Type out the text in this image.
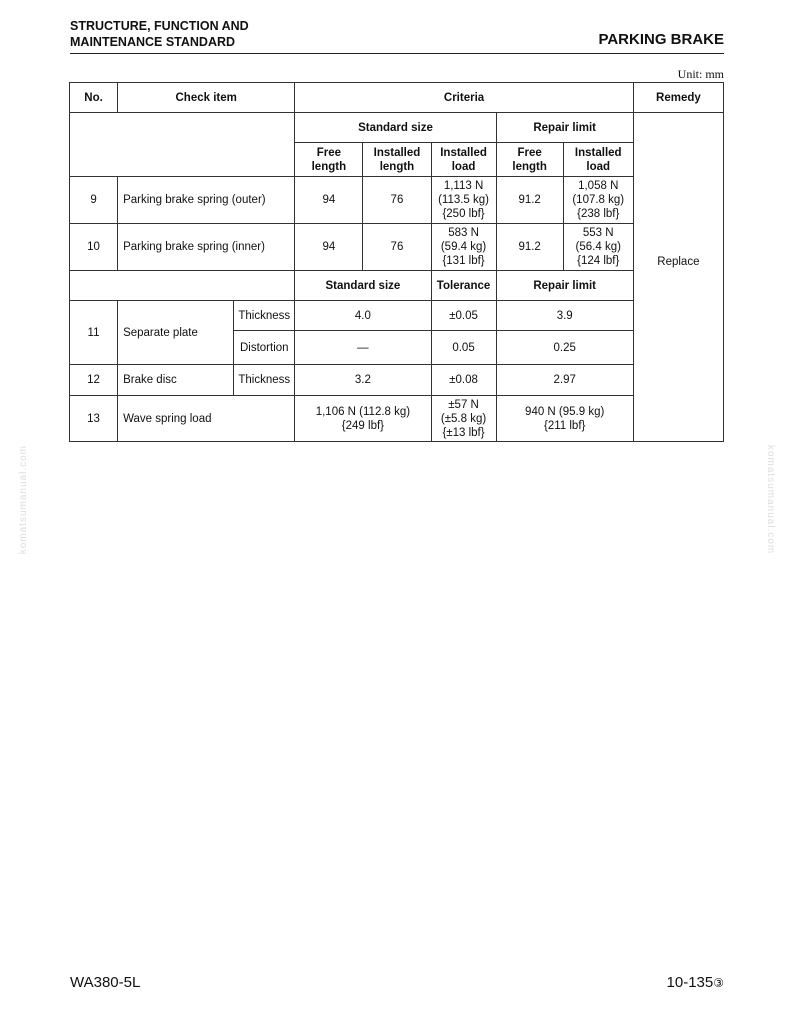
STRUCTURE, FUNCTION AND
MAINTENANCE STANDARD	PARKING BRAKE
Unit: mm
No.	Check item		Criteria					Remedy
			Standard size			Repair limit		Replace
			Free
length	Installed
length	Installed
load	Free
length	Installed
load	
9	Parking brake spring (outer)		94	76	1,113 N
(113.5 kg)
{250 lbf}	91.2	1,058 N
(107.8 kg)
{238 lbf}	
10	Parking brake spring (inner)		94	76	583 N
(59.4 kg)
{131 lbf}	91.2	553 N
(56.4 kg)
{124 lbf}	
			Standard size		Tolerance	Repair limit		
11	Separate plate	Thickness	4.0		±0.05	3.9		
		Distortion	—		0.05	0.25		
12	Brake disc	Thickness	3.2		±0.08	2.97		
13	Wave spring load		1,106 N (112.8 kg)
{249 lbf}		±57 N
(±5.8 kg)
{±13 lbf}	940 N (95.9 kg)
{211 lbf}		
komatsumanual.com	komatsumanual.com
WA380-5L	10-135③
